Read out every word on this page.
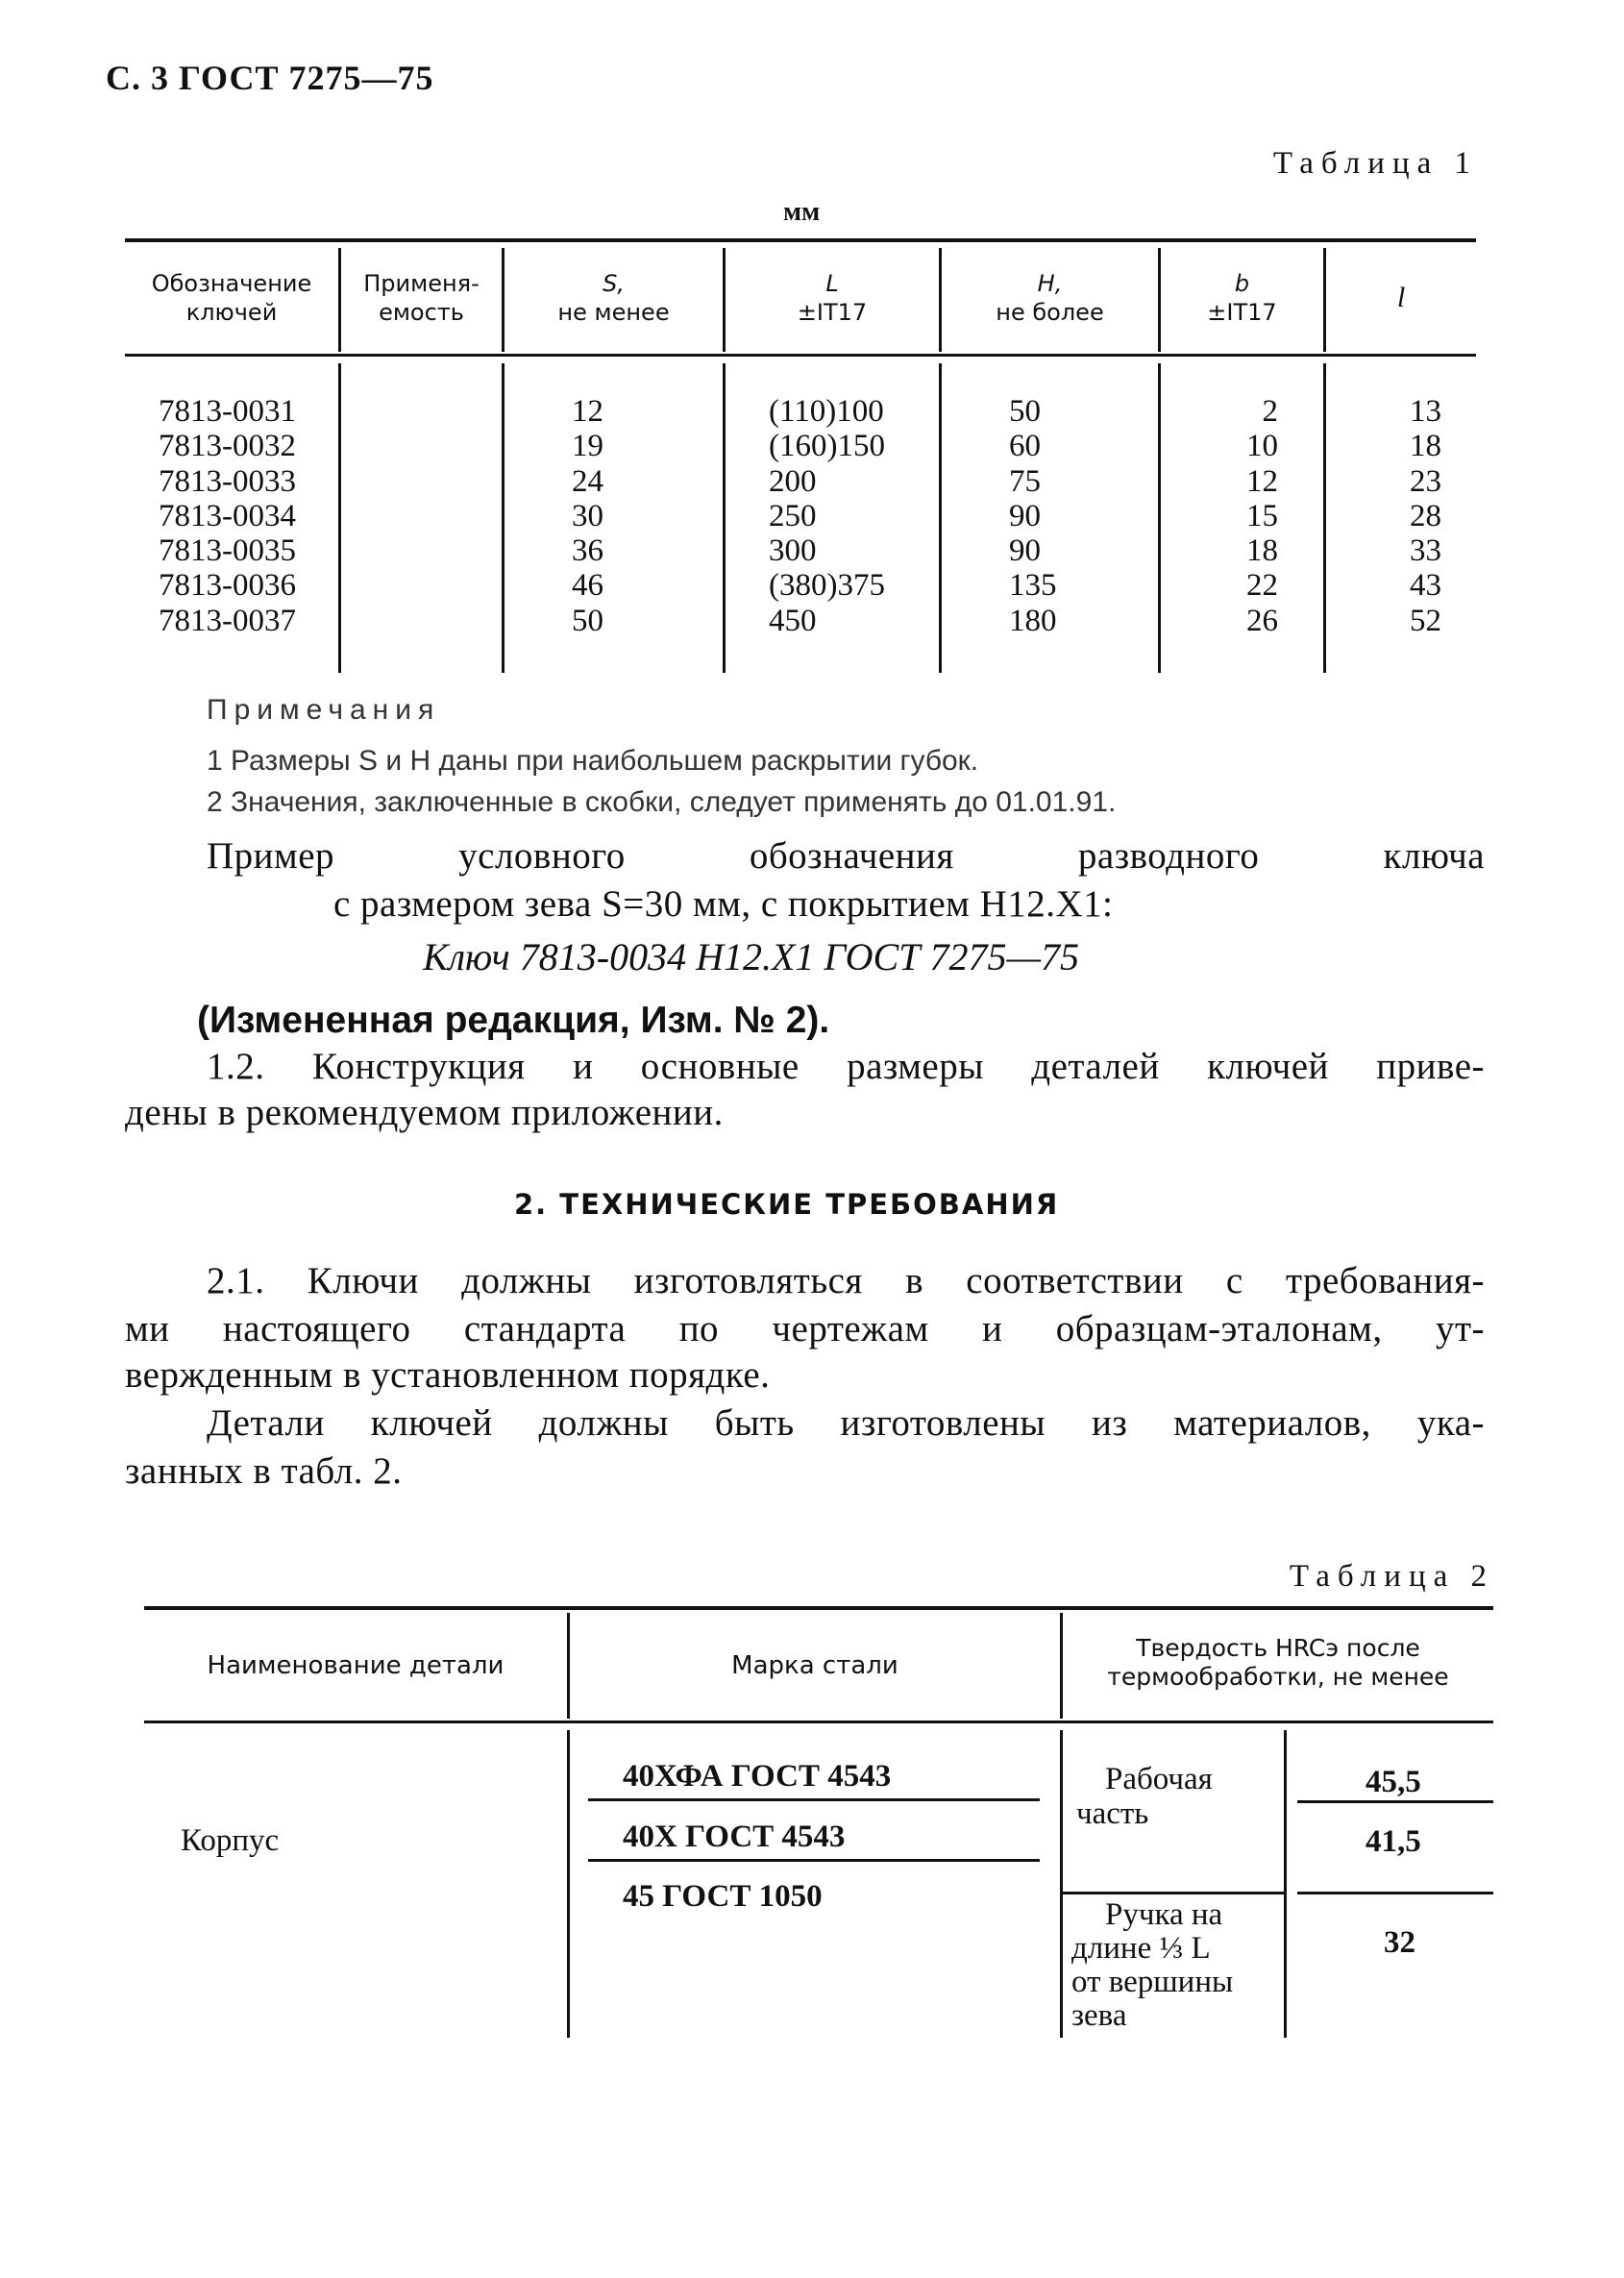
С. 3 ГОСТ 7275—75
Таблица 1
мм
Обозначение
ключей
Применя-
емость
S,
не менее
L
±IT17
H,
не более
b
±IT17	l
7813-0031
7813-0032
7813-0033
7813-0034
7813-0035
7813-0036
7813-0037
12
19
24
30
36
46
50
(110)100
(160)150
200
250
300
(380)375
450
50
60
75
90
90
135
180
2
10
12
15
18
22
26
13
18
23
28
33
43
52
Примечания
1 Размеры S и H даны при наибольшем раскрытии губок.
2 Значения, заключенные в скобки, следует применять до 01.01.91.
Пример условного обозначения разводного ключа
с размером зева S=30 мм, с покрытием Н12.Х1:
Ключ 7813-0034 Н12.Х1 ГОСТ 7275—75
(Измененная редакция, Изм. № 2).
1.2. Конструкция и основные размеры деталей ключей приве-
дены в рекомендуемом приложении.
2. ТЕХНИЧЕСКИЕ ТРЕБОВАНИЯ
2.1. Ключи должны изготовляться в соответствии с требования-
ми настоящего стандарта по чертежам и образцам-эталонам, ут-
вержденным в установленном порядке.
Детали ключей должны быть изготовлены из материалов, ука-
занных в табл. 2.
Таблица 2
Наименование детали	Марка стали
Твердость HRCэ после
термообработки, не менее
Корпус
40ХФА ГОСТ 4543
40Х ГОСТ 4543
45 ГОСТ 1050
Рабочая
часть
Ручка на
длине ⅓ L
от вершины
зева
45,5
41,5
32
